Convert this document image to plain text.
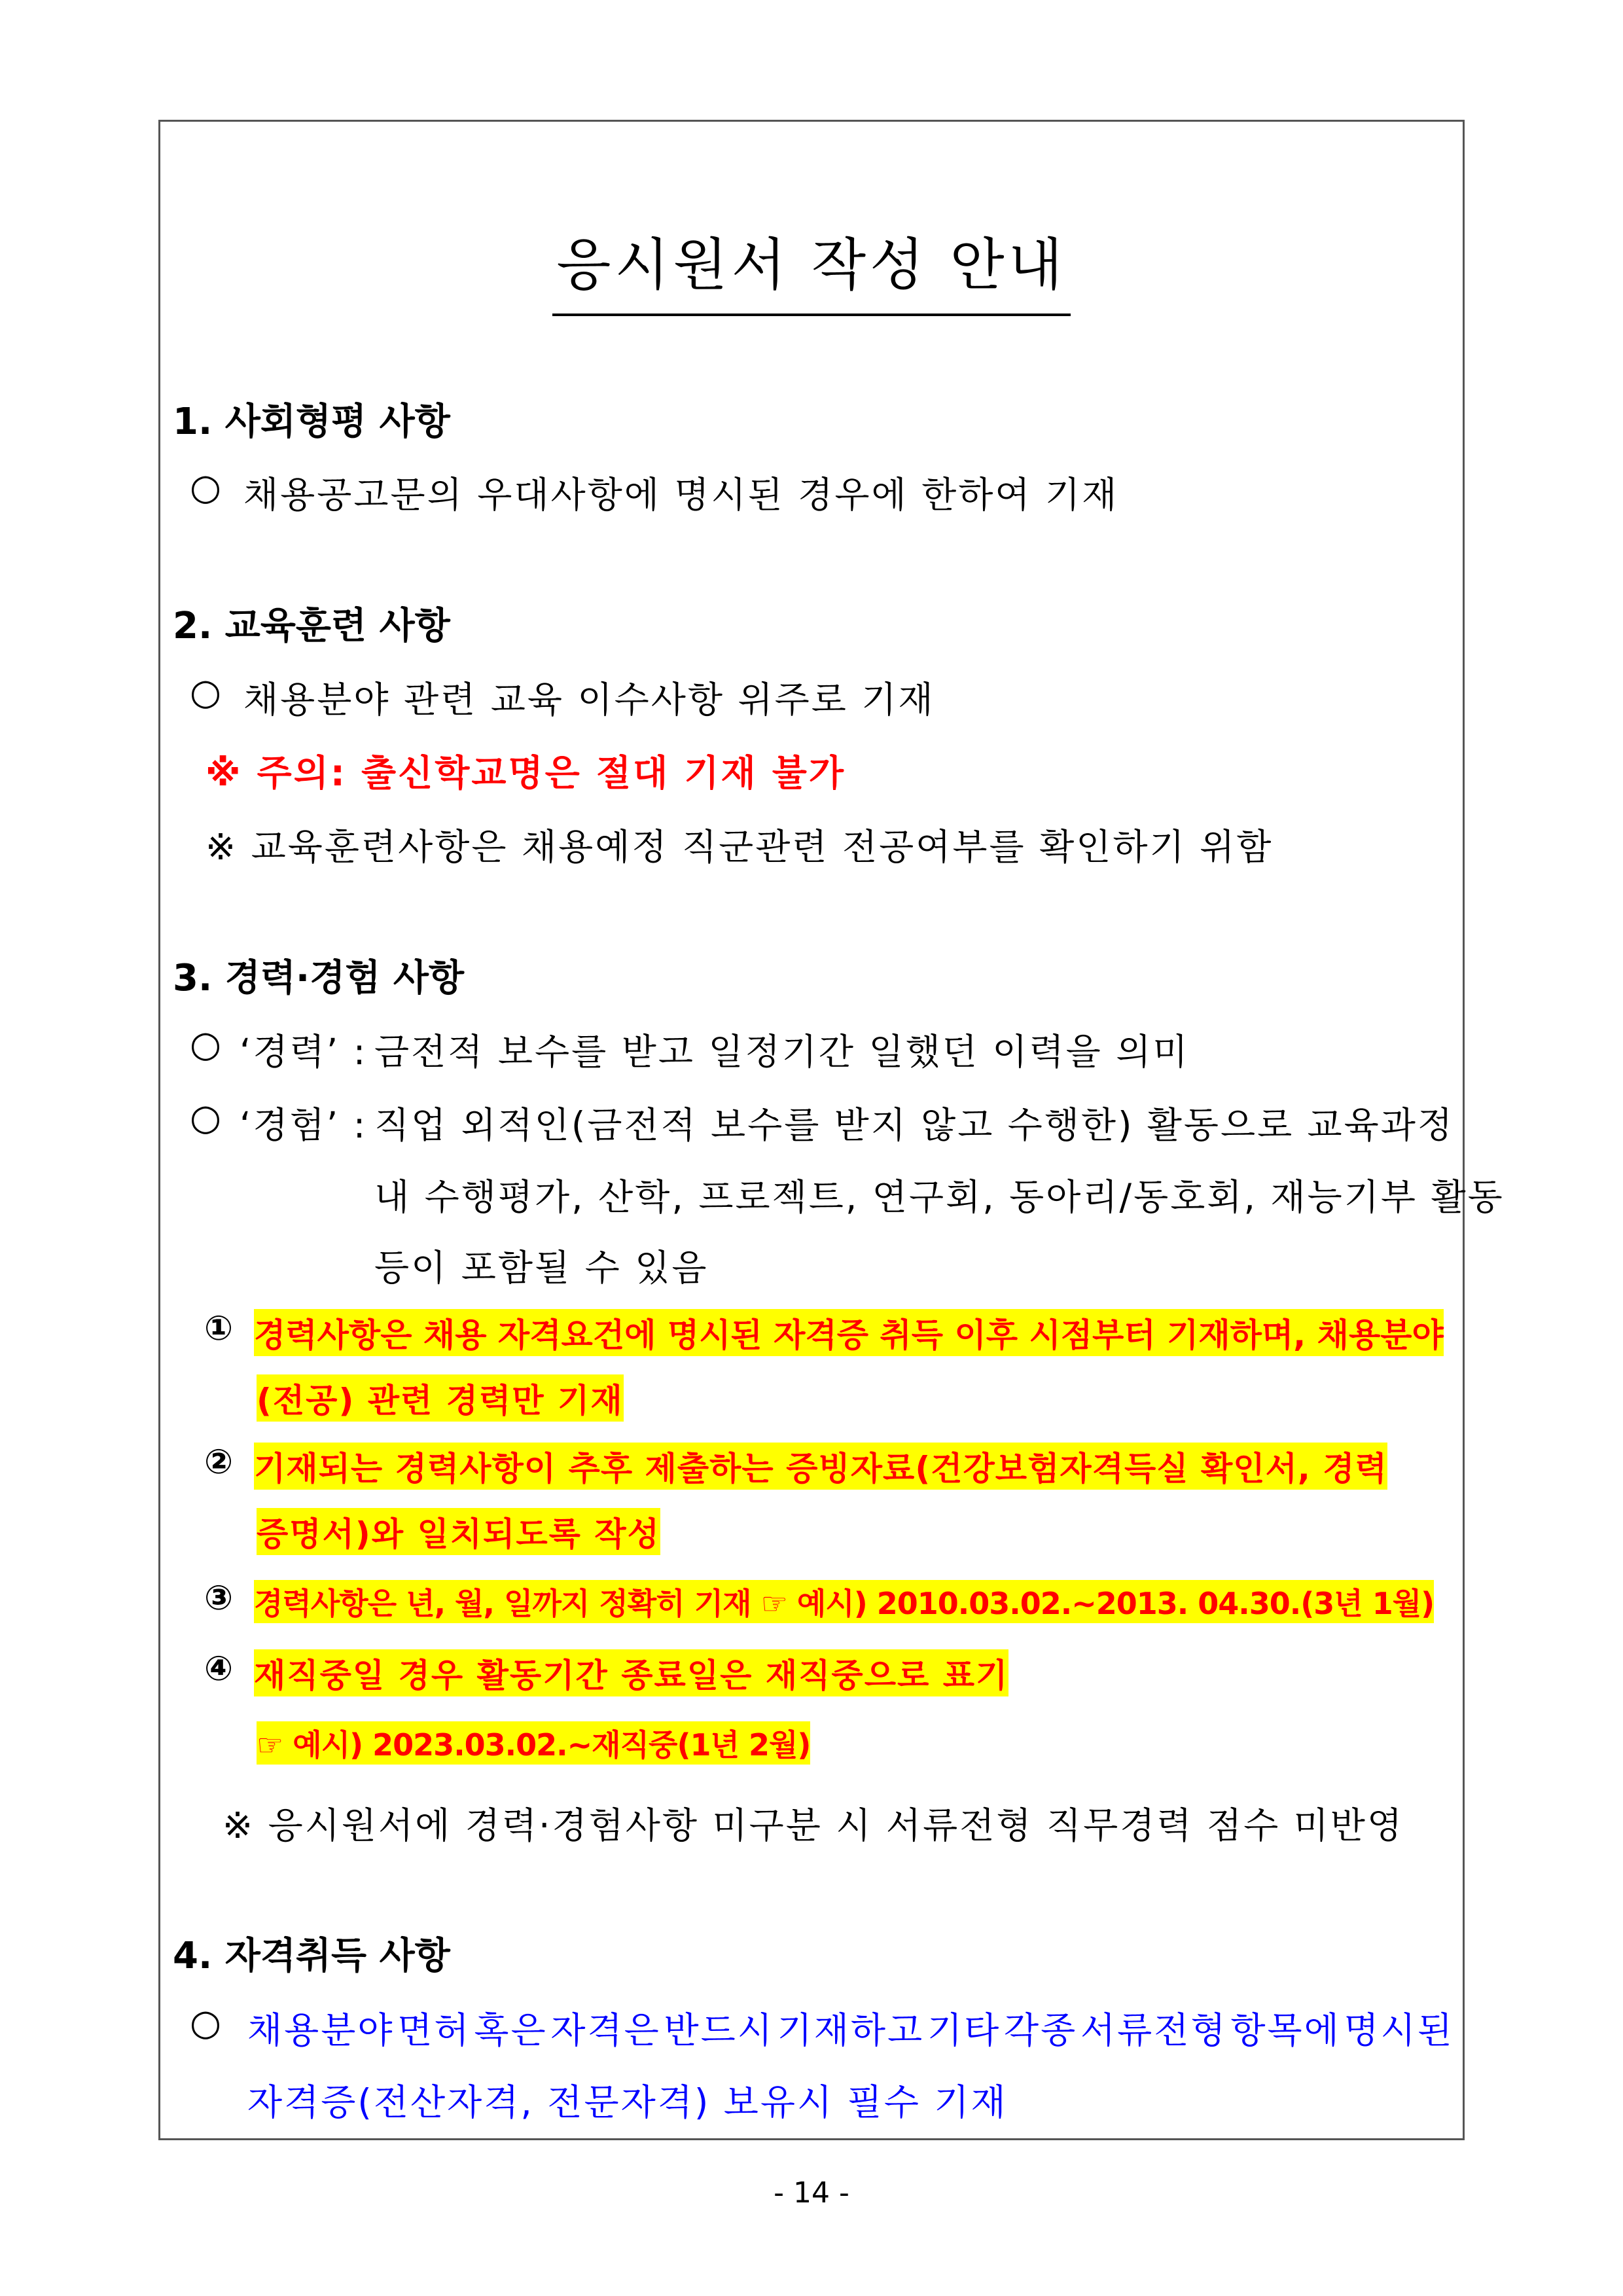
응시원서 작성 안내
1. 사회형평 사항
○ 채용공고문의 우대사항에 명시된 경우에 한하여 기재
2. 교육훈련 사항
○ 채용분야 관련 교육 이수사항 위주로 기재
※ 주의: 출신학교명은 절대 기재 불가
※ 교육훈련사항은 채용예정 직군관련 전공여부를 확인하기 위함
3. 경력·경험 사항
○ ‘경력’ : 금전적 보수를 받고 일정기간 일했던 이력을 의미
○ ‘경험’ : 직업 외적인(금전적 보수를 받지 않고 수행한) 활동으로 교육과정
내 수행평가, 산학, 프로젝트, 연구회, 동아리/동호회, 재능기부 활동
등이 포함될 수 있음
① 경력사항은 채용 자격요건에 명시된 자격증 취득 이후 시점부터 기재하며, 채용분야
(전공) 관련 경력만 기재
② 기재되는 경력사항이 추후 제출하는 증빙자료(건강보험자격득실 확인서, 경력
증명서)와 일치되도록 작성
③ 경력사항은 년, 월, 일까지 정확히 기재 ☞ 예시) 2010.03.02.~2013. 04.30.(3년 1월)
④ 재직중일 경우 활동기간 종료일은 재직중으로 표기
☞ 예시) 2023.03.02.~재직중(1년 2월)
※ 응시원서에 경력·경험사항 미구분 시 서류전형 직무경력 점수 미반영
4. 자격취득 사항
○ 채용분야 면허 혹은 자격은 반드시 기재하고 기타 각종 서류전형 항목에 명시된
자격증(전산자격, 전문자격) 보유시 필수 기재
- 14 -
